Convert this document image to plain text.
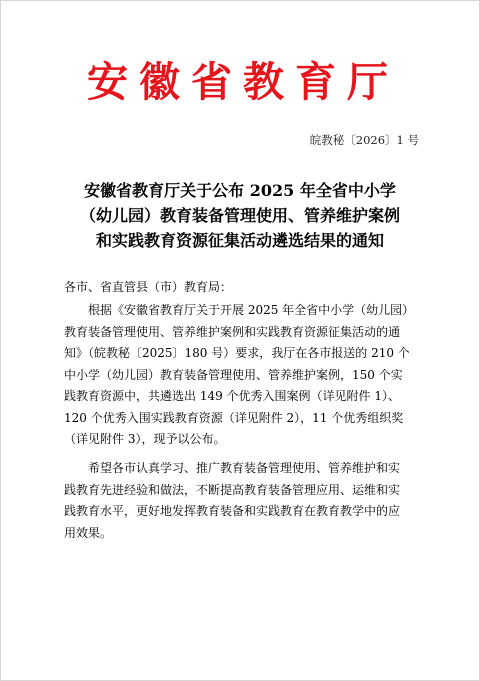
安徽省教育厅
皖教秘〔2026〕1 号
安徽省教育厅关于公布 2025 年全省中小学
（幼儿园）教育装备管理使用、管养维护案例
和实践教育资源征集活动遴选结果的通知
各市、省直管县（市）教育局：
根据《安徽省教育厅关于开展 2025 年全省中小学（幼儿园）
教育装备管理使用、管养维护案例和实践教育资源征集活动的通
知》（皖教秘〔2025〕180 号）要求，我厅在各市报送的 210 个
中小学（幼儿园）教育装备管理使用、管养维护案例，150 个实
践教育资源中，共遴选出 149 个优秀入围案例（详见附件 1）、
120 个优秀入围实践教育资源（详见附件 2），11 个优秀组织奖
（详见附件 3），现予以公布。
希望各市认真学习、推广教育装备管理使用、管养维护和实
践教育先进经验和做法，不断提高教育装备管理应用、运维和实
践教育水平，更好地发挥教育装备和实践教育在教育教学中的应
用效果。
